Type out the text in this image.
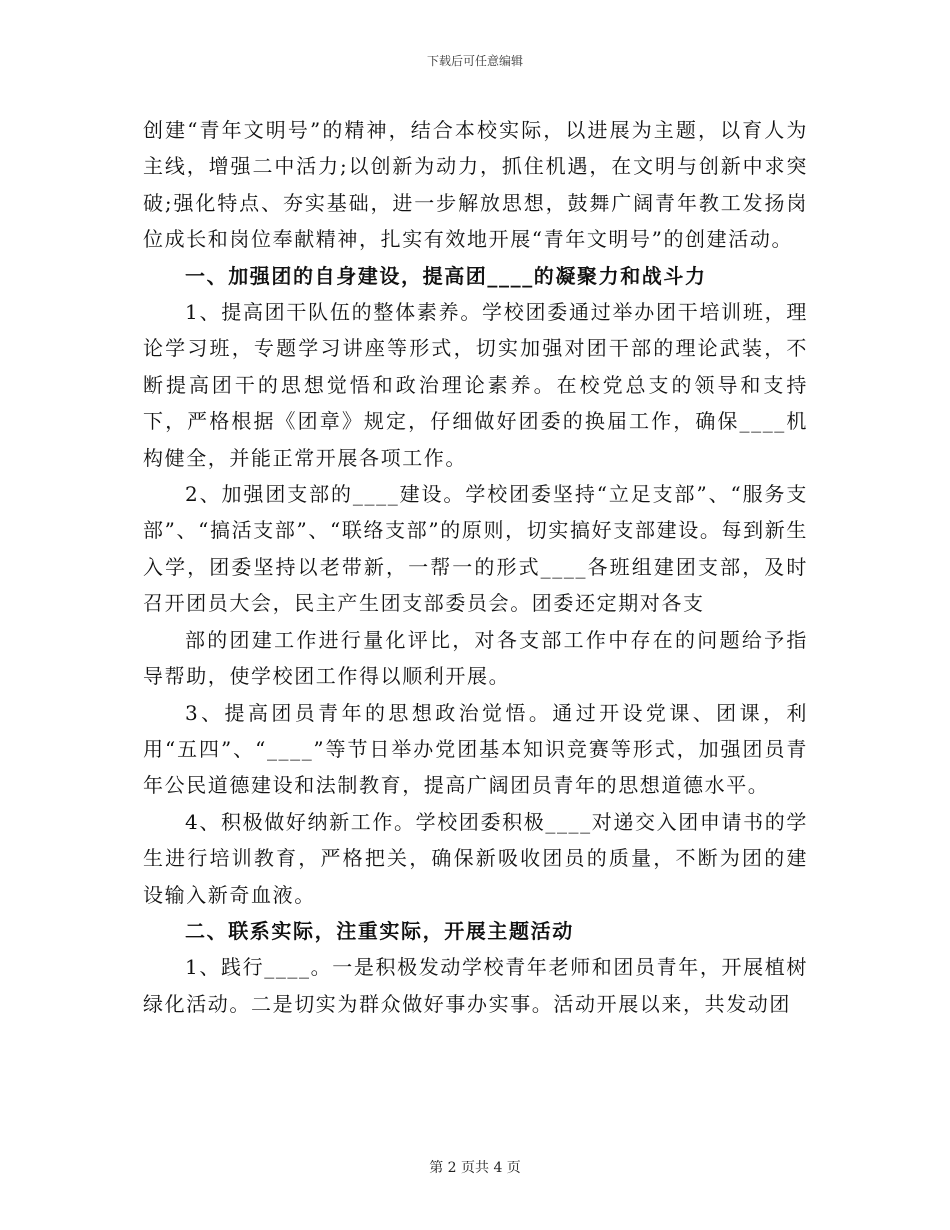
下载后可任意编辑

创建“青年文明号”的精神，结合本校实际，以进展为主题，以育人为主线，增强二中活力;以创新为动力，抓住机遇，在文明与创新中求突破;强化特点、夯实基础，进一步解放思想，鼓舞广阔青年教工发扬岗位成长和岗位奉献精神，扎实有效地开展“青年文明号”的创建活动。

一、加强团的自身建设，提高团____的凝聚力和战斗力

1、提高团干队伍的整体素养。学校团委通过举办团干培训班，理论学习班，专题学习讲座等形式，切实加强对团干部的理论武装，不断提高团干的思想觉悟和政治理论素养。在校党总支的领导和支持下，严格根据《团章》规定，仔细做好团委的换届工作，确保____机构健全，并能正常开展各项工作。

2、加强团支部的____建设。学校团委坚持“立足支部”、“服务支部”、“搞活支部”、“联络支部”的原则，切实搞好支部建设。每到新生入学，团委坚持以老带新，一帮一的形式____各班组建团支部，及时召开团员大会，民主产生团支部委员会。团委还定期对各支

部的团建工作进行量化评比，对各支部工作中存在的问题给予指导帮助，使学校团工作得以顺利开展。

3、提高团员青年的思想政治觉悟。通过开设党课、团课，利用“五四”、“____”等节日举办党团基本知识竞赛等形式，加强团员青年公民道德建设和法制教育，提高广阔团员青年的思想道德水平。

4、积极做好纳新工作。学校团委积极____对递交入团申请书的学生进行培训教育，严格把关，确保新吸收团员的质量，不断为团的建设输入新奇血液。

二、联系实际，注重实际，开展主题活动

1、践行____。一是积极发动学校青年老师和团员青年，开展植树绿化活动。二是切实为群众做好事办实事。活动开展以来，共发动团

第 2 页共 4 页
